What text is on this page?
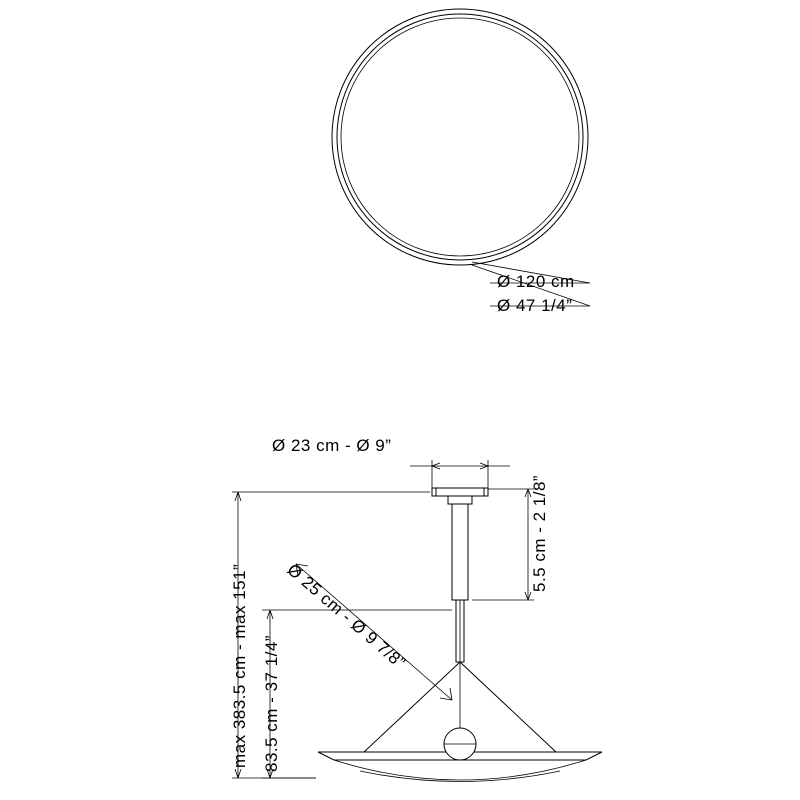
Ø 120 cm
Ø 47 1/4”
Ø 23 cm - Ø 9”
5.5 cm - 2 1/8”
Ø 25 cm - Ø 9 7/8”
max 383.5 cm - max 151” 83.5 cm - 37 1/4”
